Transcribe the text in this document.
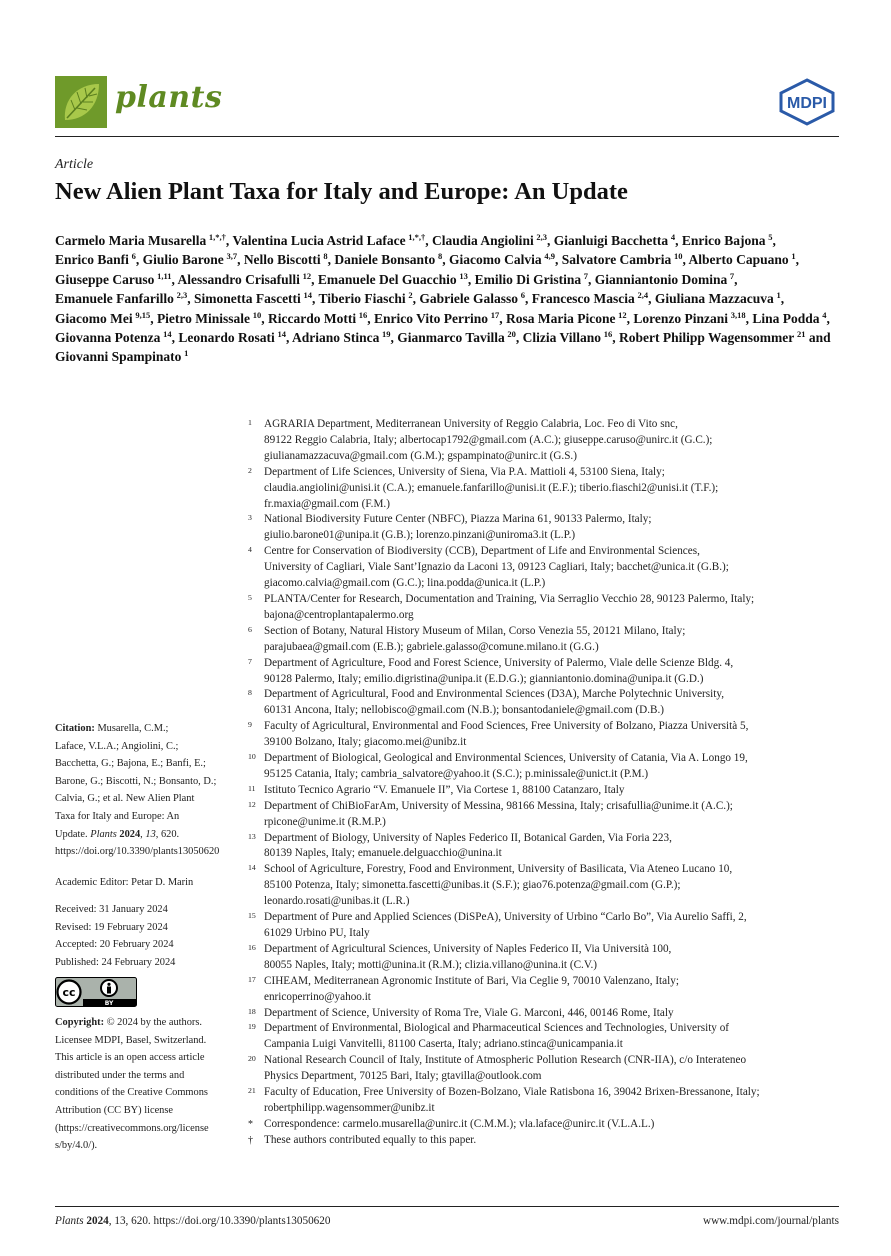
plants	MDPI
Article
New Alien Plant Taxa for Italy and Europe: An Update
Carmelo Maria Musarella  $^{1,*,\dagger}$, Valentina Lucia Astrid Laface  $^{1,*,\dagger}$, Claudia Angiolini  $^{2,3}$, Gianluigi Bacchetta  $^4$, Enrico Bajona  $^5$, Enrico Banfi  $^6$, Giulio Barone  $^{3,7}$, Nello Biscotti  $^8$, Daniele Bonsanto  $^8$, Giacomo Calvia  $^{4,9}$, Salvatore Cambria  $^{10}$, Alberto Capuano  $^1$, Giuseppe Caruso  $^{1,11}$, Alessandro Crisafulli  $^{12}$, Emanuele Del Guacchio  $^{13}$, Emilio Di Gristina  $^7$, Gianniantonio Domina  $^7$, Emanuele Fanfarillo  $^{2,3}$, Simonetta Fascetti  $^{14}$, Tiberio Fiaschi  $^2$, Gabriele Galasso  $^6$, Francesco Mascia  $^{2,4}$, Giuliana Mazzacuva  $^1$, Giacomo Mei  $^{9,15}$, Pietro Minissale  $^{10}$, Riccardo Motti  $^{16}$, Enrico Vito Perrino  $^{17}$, Rosa Maria Picone  $^{12}$, Lorenzo Pinzani  $^{3,18}$, Lina Podda  $^4$, Giovanna Potenza  $^{14}$, Leonardo Rosati  $^{14}$, Adriano Stinca  $^{19}$, Gianmarco Tavilla  $^{20}$, Clizia Villano  $^{16}$, Robert Philipp Wagensommer  $^{21}$ and Giovanni Spampinato  $^1$
Citation: Musarella, C.M.;
Laface, V.L.A.; Angiolini, C.;
Bacchetta, G.; Bajona, E.; Banfi, E.;
Barone, G.; Biscotti, N.; Bonsanto, D.;
Calvia, G.; et al. New Alien Plant
Taxa for Italy and Europe: An
Update. Plants 2024, 13, 620.
https://doi.org/10.3390/plants13050620
Academic Editor: Petar D. Marin
Received: 31 January 2024
Revised: 19 February 2024
Accepted: 20 February 2024
Published: 24 February 2024
cc
BY
Copyright: © 2024 by the authors.
Licensee MDPI, Basel, Switzerland.
This article is an open access article
distributed under the terms and
conditions of the Creative Commons
Attribution (CC BY) license
(https://creativecommons.org/license
s/by/4.0/).
1 AGRARIA Department, Mediterranean University of Reggio Calabria, Loc. Feo di Vito snc,
89122 Reggio Calabria, Italy; albertocap1792@gmail.com (A.C.); giuseppe.caruso@unirc.it (G.C.);
giulianamazzacuva@gmail.com (G.M.); gspampinato@unirc.it (G.S.)
2 Department of Life Sciences, University of Siena, Via P.A. Mattioli 4, 53100 Siena, Italy;
claudia.angiolini@unisi.it (C.A.); emanuele.fanfarillo@unisi.it (E.F.); tiberio.fiaschi2@unisi.it (T.F.);
fr.maxia@gmail.com (F.M.)
3 National Biodiversity Future Center (NBFC), Piazza Marina 61, 90133 Palermo, Italy;
giulio.barone01@unipa.it (G.B.); lorenzo.pinzani@uniroma3.it (L.P.)
4 Centre for Conservation of Biodiversity (CCB), Department of Life and Environmental Sciences,
University of Cagliari, Viale Sant’Ignazio da Laconi 13, 09123 Cagliari, Italy; bacchet@unica.it (G.B.);
giacomo.calvia@gmail.com (G.C.); lina.podda@unica.it (L.P.)
5 PLANTA/Center for Research, Documentation and Training, Via Serraglio Vecchio 28, 90123 Palermo, Italy;
bajona@centroplantapalermo.org
6 Section of Botany, Natural History Museum of Milan, Corso Venezia 55, 20121 Milano, Italy;
parajubaea@gmail.com (E.B.); gabriele.galasso@comune.milano.it (G.G.)
7 Department of Agriculture, Food and Forest Science, University of Palermo, Viale delle Scienze Bldg. 4,
90128 Palermo, Italy; emilio.digristina@unipa.it (E.D.G.); gianniantonio.domina@unipa.it (G.D.)
8 Department of Agricultural, Food and Environmental Sciences (D3A), Marche Polytechnic University,
60131 Ancona, Italy; nellobisco@gmail.com (N.B.); bonsantodaniele@gmail.com (D.B.)
9 Faculty of Agricultural, Environmental and Food Sciences, Free University of Bolzano, Piazza Università 5,
39100 Bolzano, Italy; giacomo.mei@unibz.it
10 Department of Biological, Geological and Environmental Sciences, University of Catania, Via A. Longo 19,
95125 Catania, Italy; cambria_salvatore@yahoo.it (S.C.); p.minissale@unict.it (P.M.)
11 Istituto Tecnico Agrario “V. Emanuele II”, Via Cortese 1, 88100 Catanzaro, Italy
12 Department of ChiBioFarAm, University of Messina, 98166 Messina, Italy; crisafullia@unime.it (A.C.);
rpicone@unime.it (R.M.P.)
13 Department of Biology, University of Naples Federico II, Botanical Garden, Via Foria 223,
80139 Naples, Italy; emanuele.delguacchio@unina.it
14 School of Agriculture, Forestry, Food and Environment, University of Basilicata, Via Ateneo Lucano 10,
85100 Potenza, Italy; simonetta.fascetti@unibas.it (S.F.); giao76.potenza@gmail.com (G.P.);
leonardo.rosati@unibas.it (L.R.)
15 Department of Pure and Applied Sciences (DiSPeA), University of Urbino “Carlo Bo”, Via Aurelio Saffi, 2,
61029 Urbino PU, Italy
16 Department of Agricultural Sciences, University of Naples Federico II, Via Università 100,
80055 Naples, Italy; motti@unina.it (R.M.); clizia.villano@unina.it (C.V.)
17 CIHEAM, Mediterranean Agronomic Institute of Bari, Via Ceglie 9, 70010 Valenzano, Italy;
enricoperrino@yahoo.it
18 Department of Science, University of Roma Tre, Viale G. Marconi, 446, 00146 Rome, Italy
19 Department of Environmental, Biological and Pharmaceutical Sciences and Technologies, University of
Campania Luigi Vanvitelli, 81100 Caserta, Italy; adriano.stinca@unicampania.it
20 National Research Council of Italy, Institute of Atmospheric Pollution Research (CNR-IIA), c/o Interateneo
Physics Department, 70125 Bari, Italy; gtavilla@outlook.com
21 Faculty of Education, Free University of Bozen-Bolzano, Viale Ratisbona 16, 39042 Brixen-Bressanone, Italy;
robertphilipp.wagensommer@unibz.it
* Correspondence: carmelo.musarella@unirc.it (C.M.M.); vla.laface@unirc.it (V.L.A.L.)
† These authors contributed equally to this paper.
Plants 2024, 13, 620. https://doi.org/10.3390/plants13050620	www.mdpi.com/journal/plants
